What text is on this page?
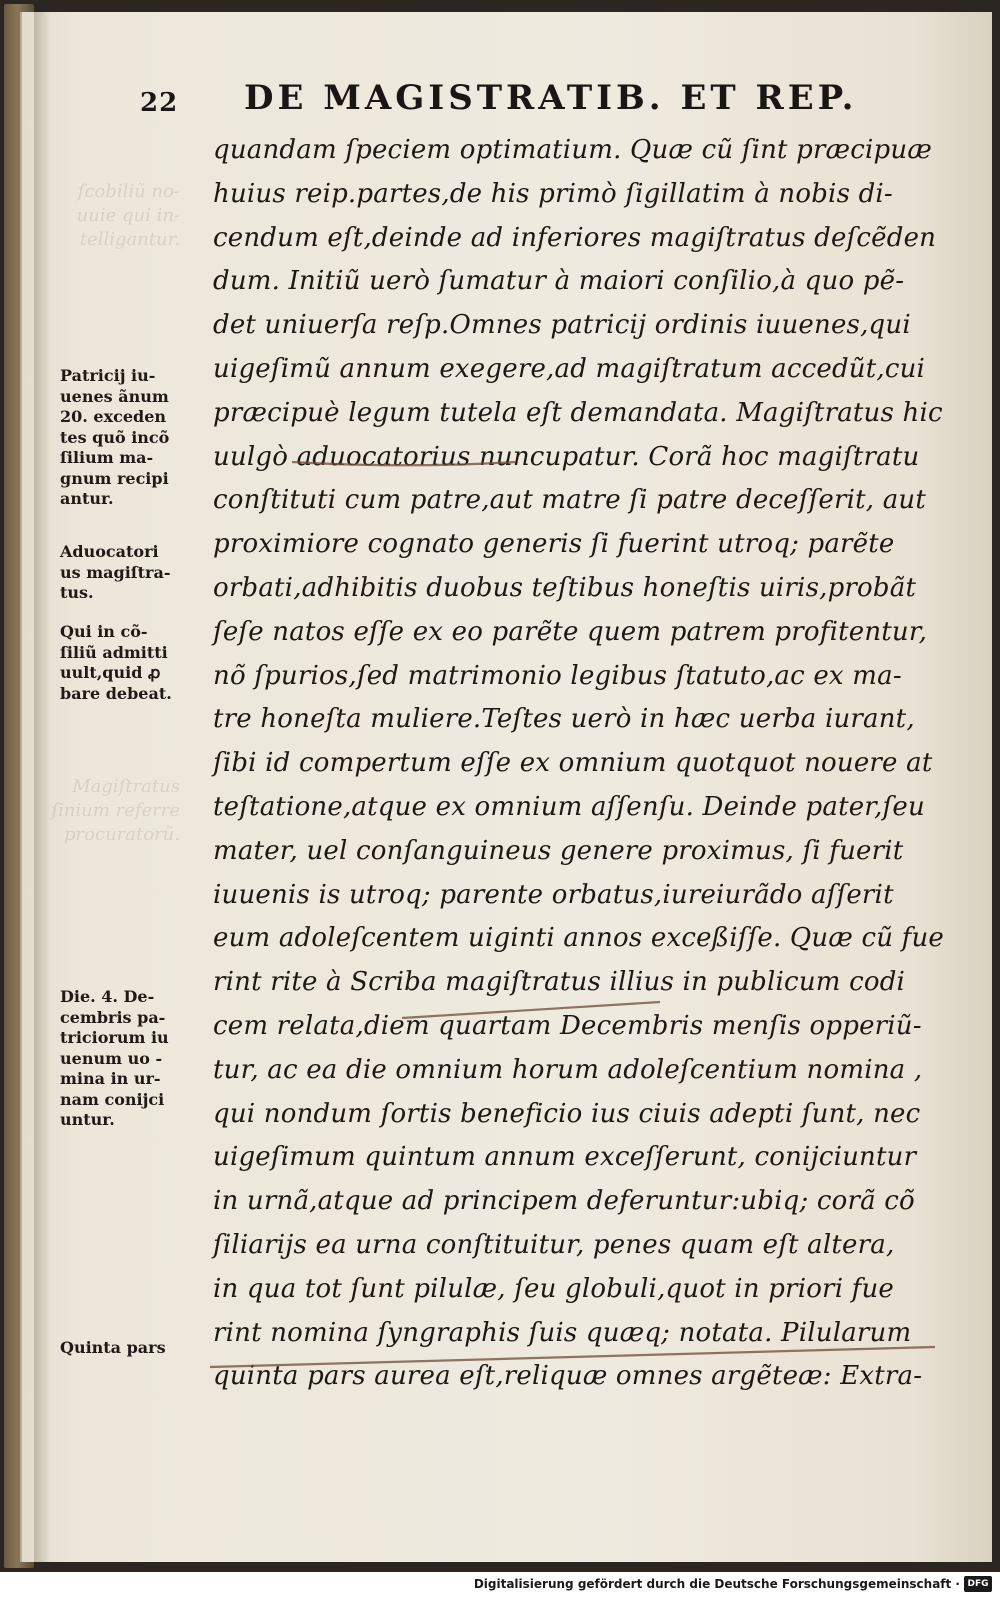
ſcobiliũ no-
uuie qui in-
telligantur.
Magiſtratus
ſinium referre
procuratorũ.
22 DE MAGISTRATIB. ET REP.
quandam ſpeciem optimatium. Quæ cũ ſint præcipuæ
huius reip.partes,de his primò ſigillatim à nobis di-
cendum eſt,deinde ad inferiores magiſtratus deſcẽden
dum. Initiũ uerò ſumatur à maiori conſilio,à quo pẽ-
det uniuerſa reſp.Omnes patricij ordinis iuuenes,qui
uigeſimũ annum exegere,ad magiſtratum accedũt,cui
præcipuè legum tutela eſt demandata. Magiſtratus hic
uulgò aduocatorius nuncupatur. Corã hoc magiſtratu
conſtituti cum patre,aut matre ſi patre deceſſerit, aut
proximiore cognato generis ſi fuerint utroq; parẽte
orbati,adhibitis duobus teſtibus honeſtis uiris,probãt
ſeſe natos eſſe ex eo parẽte quem patrem profitentur,
nõ ſpurios,ſed matrimonio legibus ſtatuto,ac ex ma-
tre honeſta muliere.Teſtes uerò in hæc uerba iurant,
ſibi id compertum eſſe ex omnium quotquot nouere at
teſtatione,atque ex omnium aſſenſu. Deinde pater,ſeu
mater, uel conſanguineus genere proximus, ſi fuerit
iuuenis is utroq; parente orbatus,iureiurãdo aſſerit
eum adoleſcentem uiginti annos exceßiſſe. Quæ cũ fue
rint rite à Scriba magiſtratus illius in publicum codi
cem relata,diem quartam Decembris menſis opperiũ-
tur, ac ea die omnium horum adoleſcentium nomina ,
qui nondum ſortis beneficio ius ciuis adepti ſunt, nec
uigeſimum quintum annum exceſſerunt, conijciuntur
in urnã,atque ad principem deferuntur:ubiq; corã cõ
ſiliarijs ea urna conſtituitur, penes quam eſt altera,
in qua tot ſunt pilulæ, ſeu globuli,quot in priori fue
rint nomina ſyngraphis ſuis quæq; notata. Pilularum
quinta pars aurea eſt,reliquæ omnes argẽteæ: Extra-
Patricij iu-
uenes ãnum
20. exceden
tes quõ incõ
ſilium ma-
gnum recipi
antur.
Aduocatori
us magiſtra-
tus.
Qui in cõ-
ſiliũ admitti
uult,quid ꝓ
bare debeat.
Die. 4. De-
cembris pa-
triciorum iu
uenum uo -
mina in ur-
nam conijci
untur.
Quinta pars
Digitalisierung gefördert durch die Deutsche Forschungsgemeinschaft · DFG
